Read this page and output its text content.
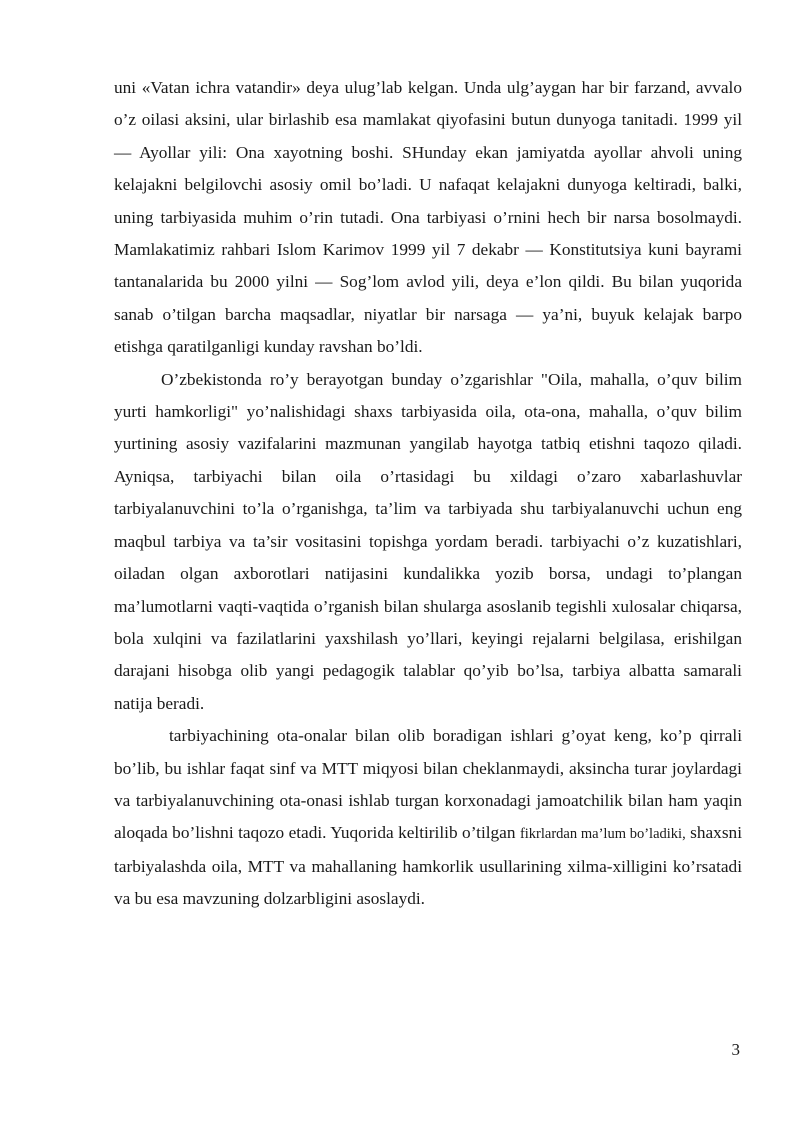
uni «Vatan ichra vatandir» deya ulug’lab kelgan. Unda ulg’aygan har bir farzand, avvalo o’z oilasi aksini, ular birlashib esa mamlakat qiyofasini butun dunyoga tanitadi. 1999 yil — Ayollar yili: Ona xayotning boshi. SHunday ekan jamiyatda ayollar ahvoli uning kelajakni belgilovchi asosiy omil bo’ladi. U nafaqat kelajakni dunyoga keltiradi, balki, uning tarbiyasida muhim o’rin tutadi. Ona tarbiyasi o’rnini hech bir narsa bosolmaydi. Mamlakatimiz rahbari Islom Karimov 1999 yil 7 dekabr — Konstitutsiya kuni bayrami tantanalarida bu 2000 yilni — Sog’lom avlod yili, deya e’lon qildi. Bu bilan yuqorida sanab o’tilgan barcha maqsadlar, niyatlar bir narsaga — ya’ni, buyuk kelajak barpo etishga qaratilganligi kunday ravshan bo’ldi.

O’zbekistonda ro’y berayotgan bunday o’zgarishlar "Oila, mahalla, o’quv bilim yurti hamkorligi" yo’nalishidagi shaxs tarbiyasida oila, ota-ona, mahalla, o’quv bilim yurtining asosiy vazifalarini mazmunan yangilab hayotga tatbiq etishni taqozo qiladi. Ayniqsa, tarbiyachi bilan oila o’rtasidagi bu xildagi o’zaro xabarlashuvlar tarbiyalanuvchini to’la o’rganishga, ta’lim va tarbiyada shu tarbiyalanuvchi uchun eng maqbul tarbiya va ta’sir vositasini topishga yordam beradi. tarbiyachi o’z kuzatishlari, oiladan olgan axborotlari natijasini kundalikka yozib borsa, undagi to’plangan ma’lumotlarni vaqti-vaqtida o’rganish bilan shularga asoslanib tegishli xulosalar chiqarsa, bola xulqini va fazilatlarini yaxshilash yo’llari, keyingi rejalarni belgilasa, erishilgan darajani hisobga olib yangi pedagogik talablar qo’yib bo’lsa, tarbiya albatta samarali natija beradi.

tarbiyachining ota-onalar bilan olib boradigan ishlari g’oyat keng, ko’p qirrali bo’lib, bu ishlar faqat sinf va MTT miqyosi bilan cheklanmaydi, aksincha turar joylardagi va tarbiyalanuvchining ota-onasi ishlab turgan korxonadagi jamoatchilik bilan ham yaqin aloqada bo’lishni taqozo etadi. Yuqorida keltirilib o’tilgan fikrlardan ma’lum bo’ladiki, shaxsni tarbiyalashda oila, MTT va mahallaning hamkorlik usullarining xilma-xilligini ko’rsatadi va bu esa mavzuning dolzarbligini asoslaydi.

3
